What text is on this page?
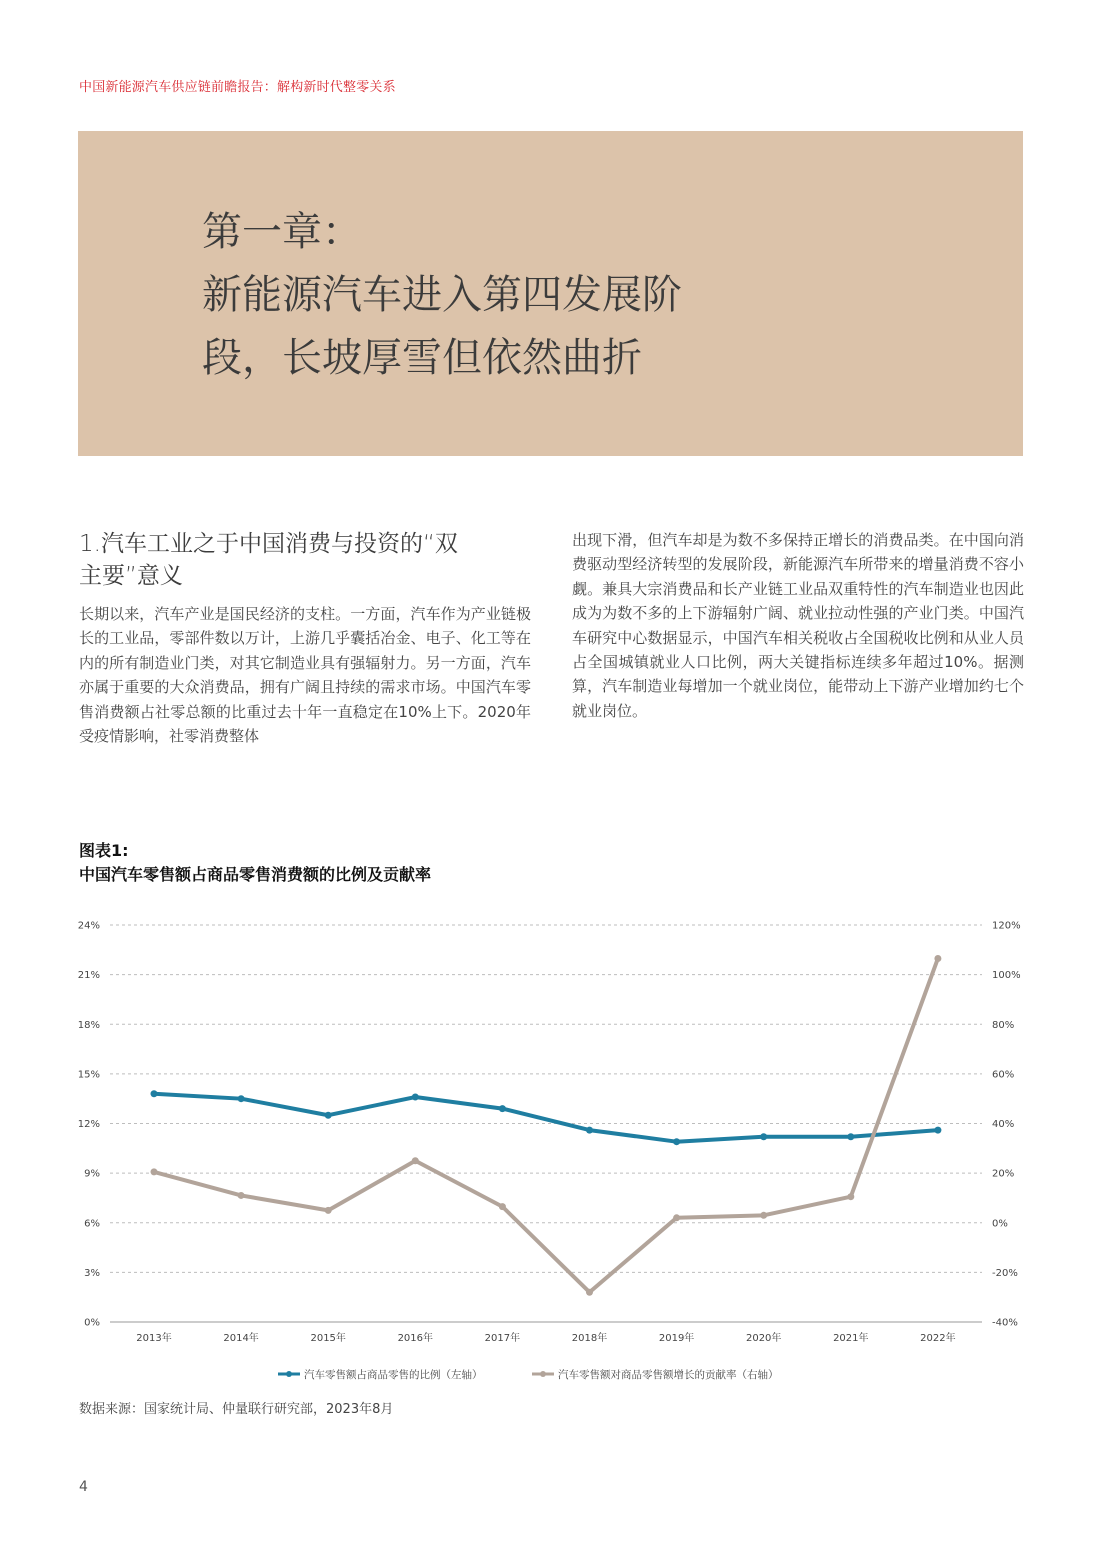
中国新能源汽车供应链前瞻报告：解构新时代整零关系
第一章：
新能源汽车进入第四发展阶
段，长坡厚雪但依然曲折
1.汽车工业之于中国消费与投资的“双
主要”意义

长期以来，汽车产业是国民经济的支柱。一方面，汽车作为产业链极长的工业品，零部件数以万计，上游几乎囊括冶金、电子、化工等在内的所有制造业门类，对其它制造业具有强辐射力。另一方面，汽车亦属于重要的大众消费品，拥有广阔且持续的需求市场。中国汽车零售消费额占社零总额的比重过去十年一直稳定在10%上下。2020年受疫情影响，社零消费整体

出现下滑，但汽车却是为数不多保持正增长的消费品类。在中国向消费驱动型经济转型的发展阶段，新能源汽车所带来的增量消费不容小觑。兼具大宗消费品和长产业链工业品双重特性的汽车制造业也因此成为为数不多的上下游辐射广阔、就业拉动性强的产业门类。中国汽车研究中心数据显示，中国汽车相关税收占全国税收比例和从业人员占全国城镇就业人口比例，两大关键指标连续多年超过10%。据测算，汽车制造业每增加一个就业岗位，能带动上下游产业增加约七个就业岗位。

图表1:
中国汽车零售额占商品零售消费额的比例及贡献率
0%	-40%
3%	-20%
6%	0%
9%	20%
12%	40%
15%	60%
18%	80%
21%	100%
24%	120%
2013年	2014年	2015年	2016年	2017年	2018年	2019年	2020年	2021年	2022年
汽车零售额占商品零售的比例（左轴）	汽车零售额对商品零售额增长的贡献率（右轴）
数据来源：国家统计局、仲量联行研究部，2023年8月
4
